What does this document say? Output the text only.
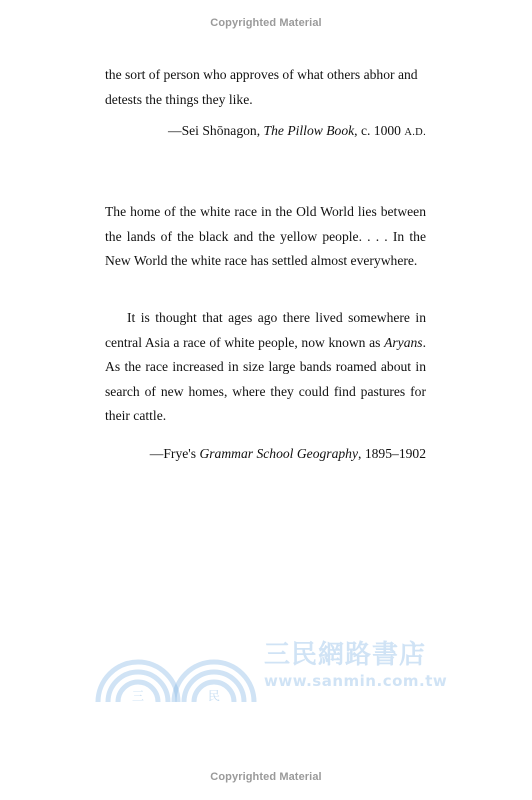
Copyrighted Material
the sort of person who approves of what others abhor and
detests the things they like.
—Sei Shōnagon, The Pillow Book, c. 1000 A.D.

The home of the white race in the Old World lies between the lands of the black and the yellow people. . . . In the New World the white race has settled almost everywhere.

It is thought that ages ago there lived somewhere in central Asia a race of white people, now known as Aryans. As the race increased in size large bands roamed about in search of new homes, where they could find pastures for their cattle.

—Frye's Grammar School Geography, 1895–1902
三	民
三民網路書店
www.sanmin.com.tw
Copyrighted Material
